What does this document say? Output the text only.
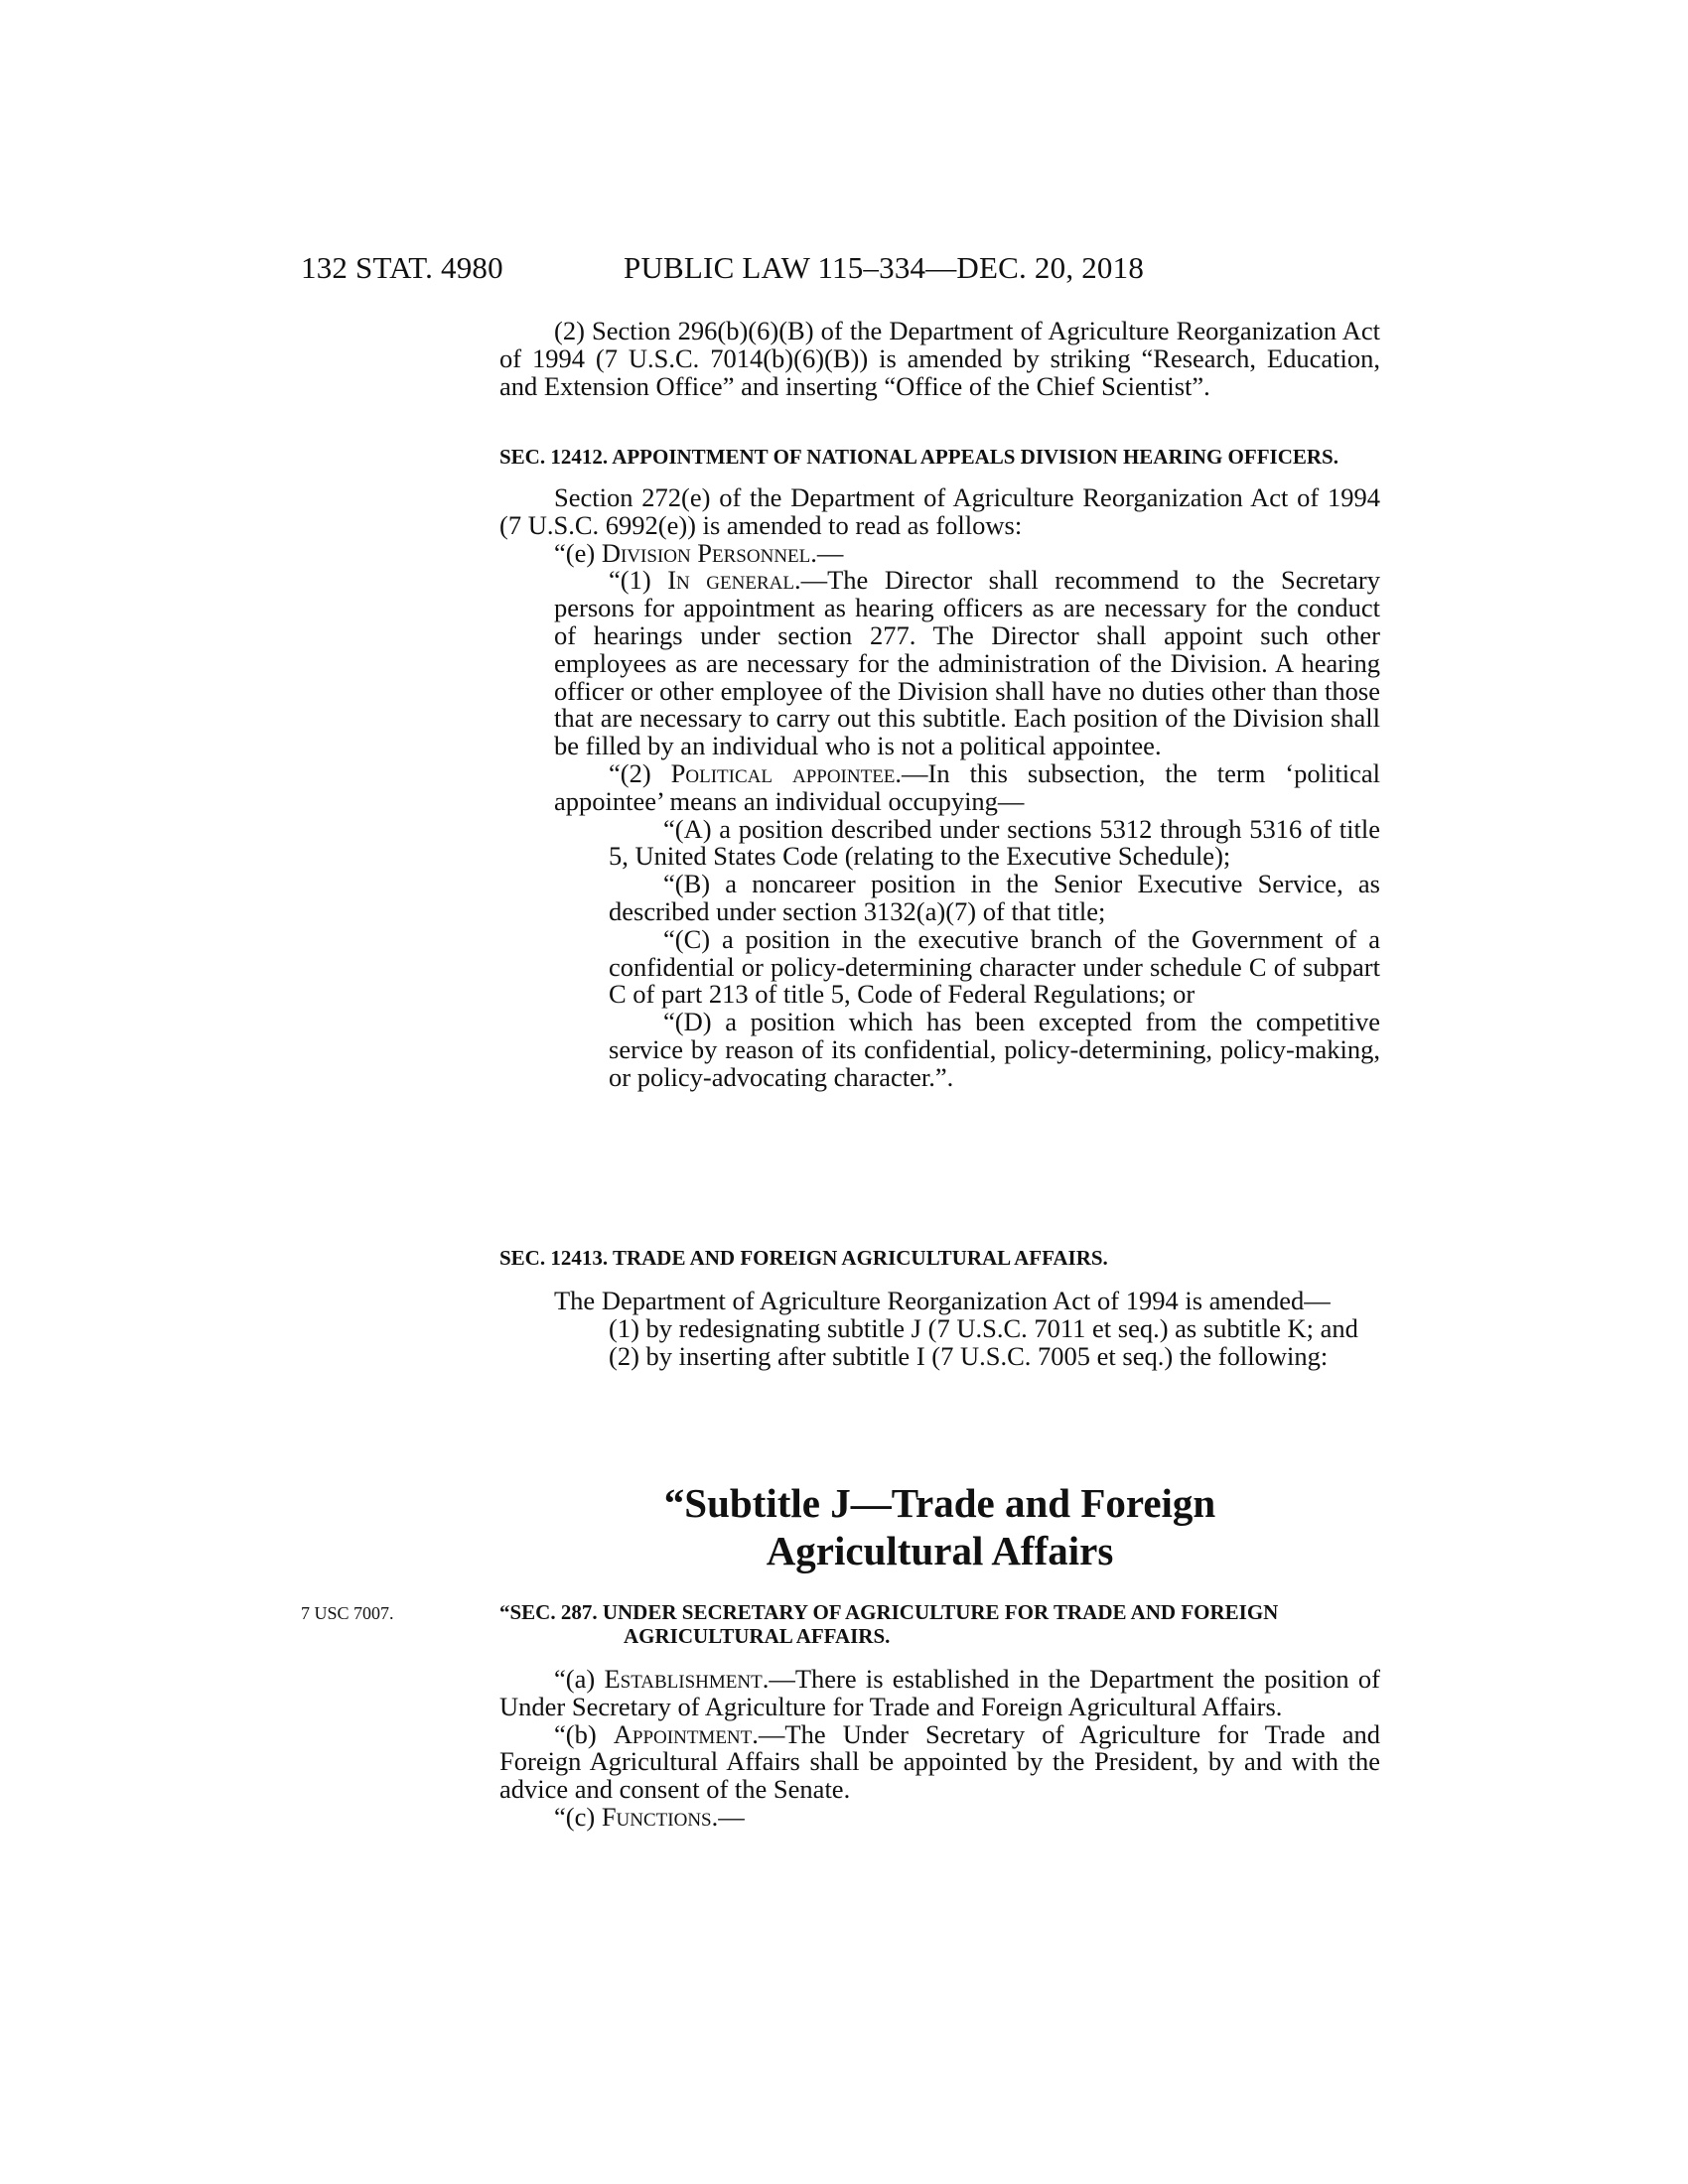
132 STAT. 4980	PUBLIC LAW 115–334—DEC. 20, 2018

(2) Section 296(b)(6)(B) of the Department of Agriculture Reorganization Act of 1994 (7 U.S.C. 7014(b)(6)(B)) is amended by striking “Research, Education, and Extension Office” and inserting “Office of the Chief Scientist”.

SEC. 12412. APPOINTMENT OF NATIONAL APPEALS DIVISION HEARING OFFICERS.

Section 272(e) of the Department of Agriculture Reorganization Act of 1994 (7 U.S.C. 6992(e)) is amended to read as follows:

“(e) Division Personnel.—

“(1) In general.—The Director shall recommend to the Secretary persons for appointment as hearing officers as are necessary for the conduct of hearings under section 277. The Director shall appoint such other employees as are necessary for the administration of the Division. A hearing officer or other employee of the Division shall have no duties other than those that are necessary to carry out this subtitle. Each position of the Division shall be filled by an individual who is not a political appointee.

“(2) Political appointee.—In this subsection, the term ‘political appointee’ means an individual occupying—

“(A) a position described under sections 5312 through 5316 of title 5, United States Code (relating to the Executive Schedule);

“(B) a noncareer position in the Senior Executive Service, as described under section 3132(a)(7) of that title;

“(C) a position in the executive branch of the Government of a confidential or policy-determining character under schedule C of subpart C of part 213 of title 5, Code of Federal Regulations; or

“(D) a position which has been excepted from the competitive service by reason of its confidential, policy-determining, policy-making, or policy-advocating character.”.

SEC. 12413. TRADE AND FOREIGN AGRICULTURAL AFFAIRS.

The Department of Agriculture Reorganization Act of 1994 is amended—

(1) by redesignating subtitle J (7 U.S.C. 7011 et seq.) as subtitle K; and

(2) by inserting after subtitle I (7 U.S.C. 7005 et seq.) the following:

“Subtitle J—Trade and Foreign
Agricultural Affairs
7 USC 7007.	“SEC. 287. UNDER SECRETARY OF AGRICULTURE FOR TRADE AND FOREIGN AGRICULTURAL AFFAIRS.

“(a) Establishment.—There is established in the Department the position of Under Secretary of Agriculture for Trade and Foreign Agricultural Affairs.

“(b) Appointment.—The Under Secretary of Agriculture for Trade and Foreign Agricultural Affairs shall be appointed by the President, by and with the advice and consent of the Senate.

“(c) Functions.—
